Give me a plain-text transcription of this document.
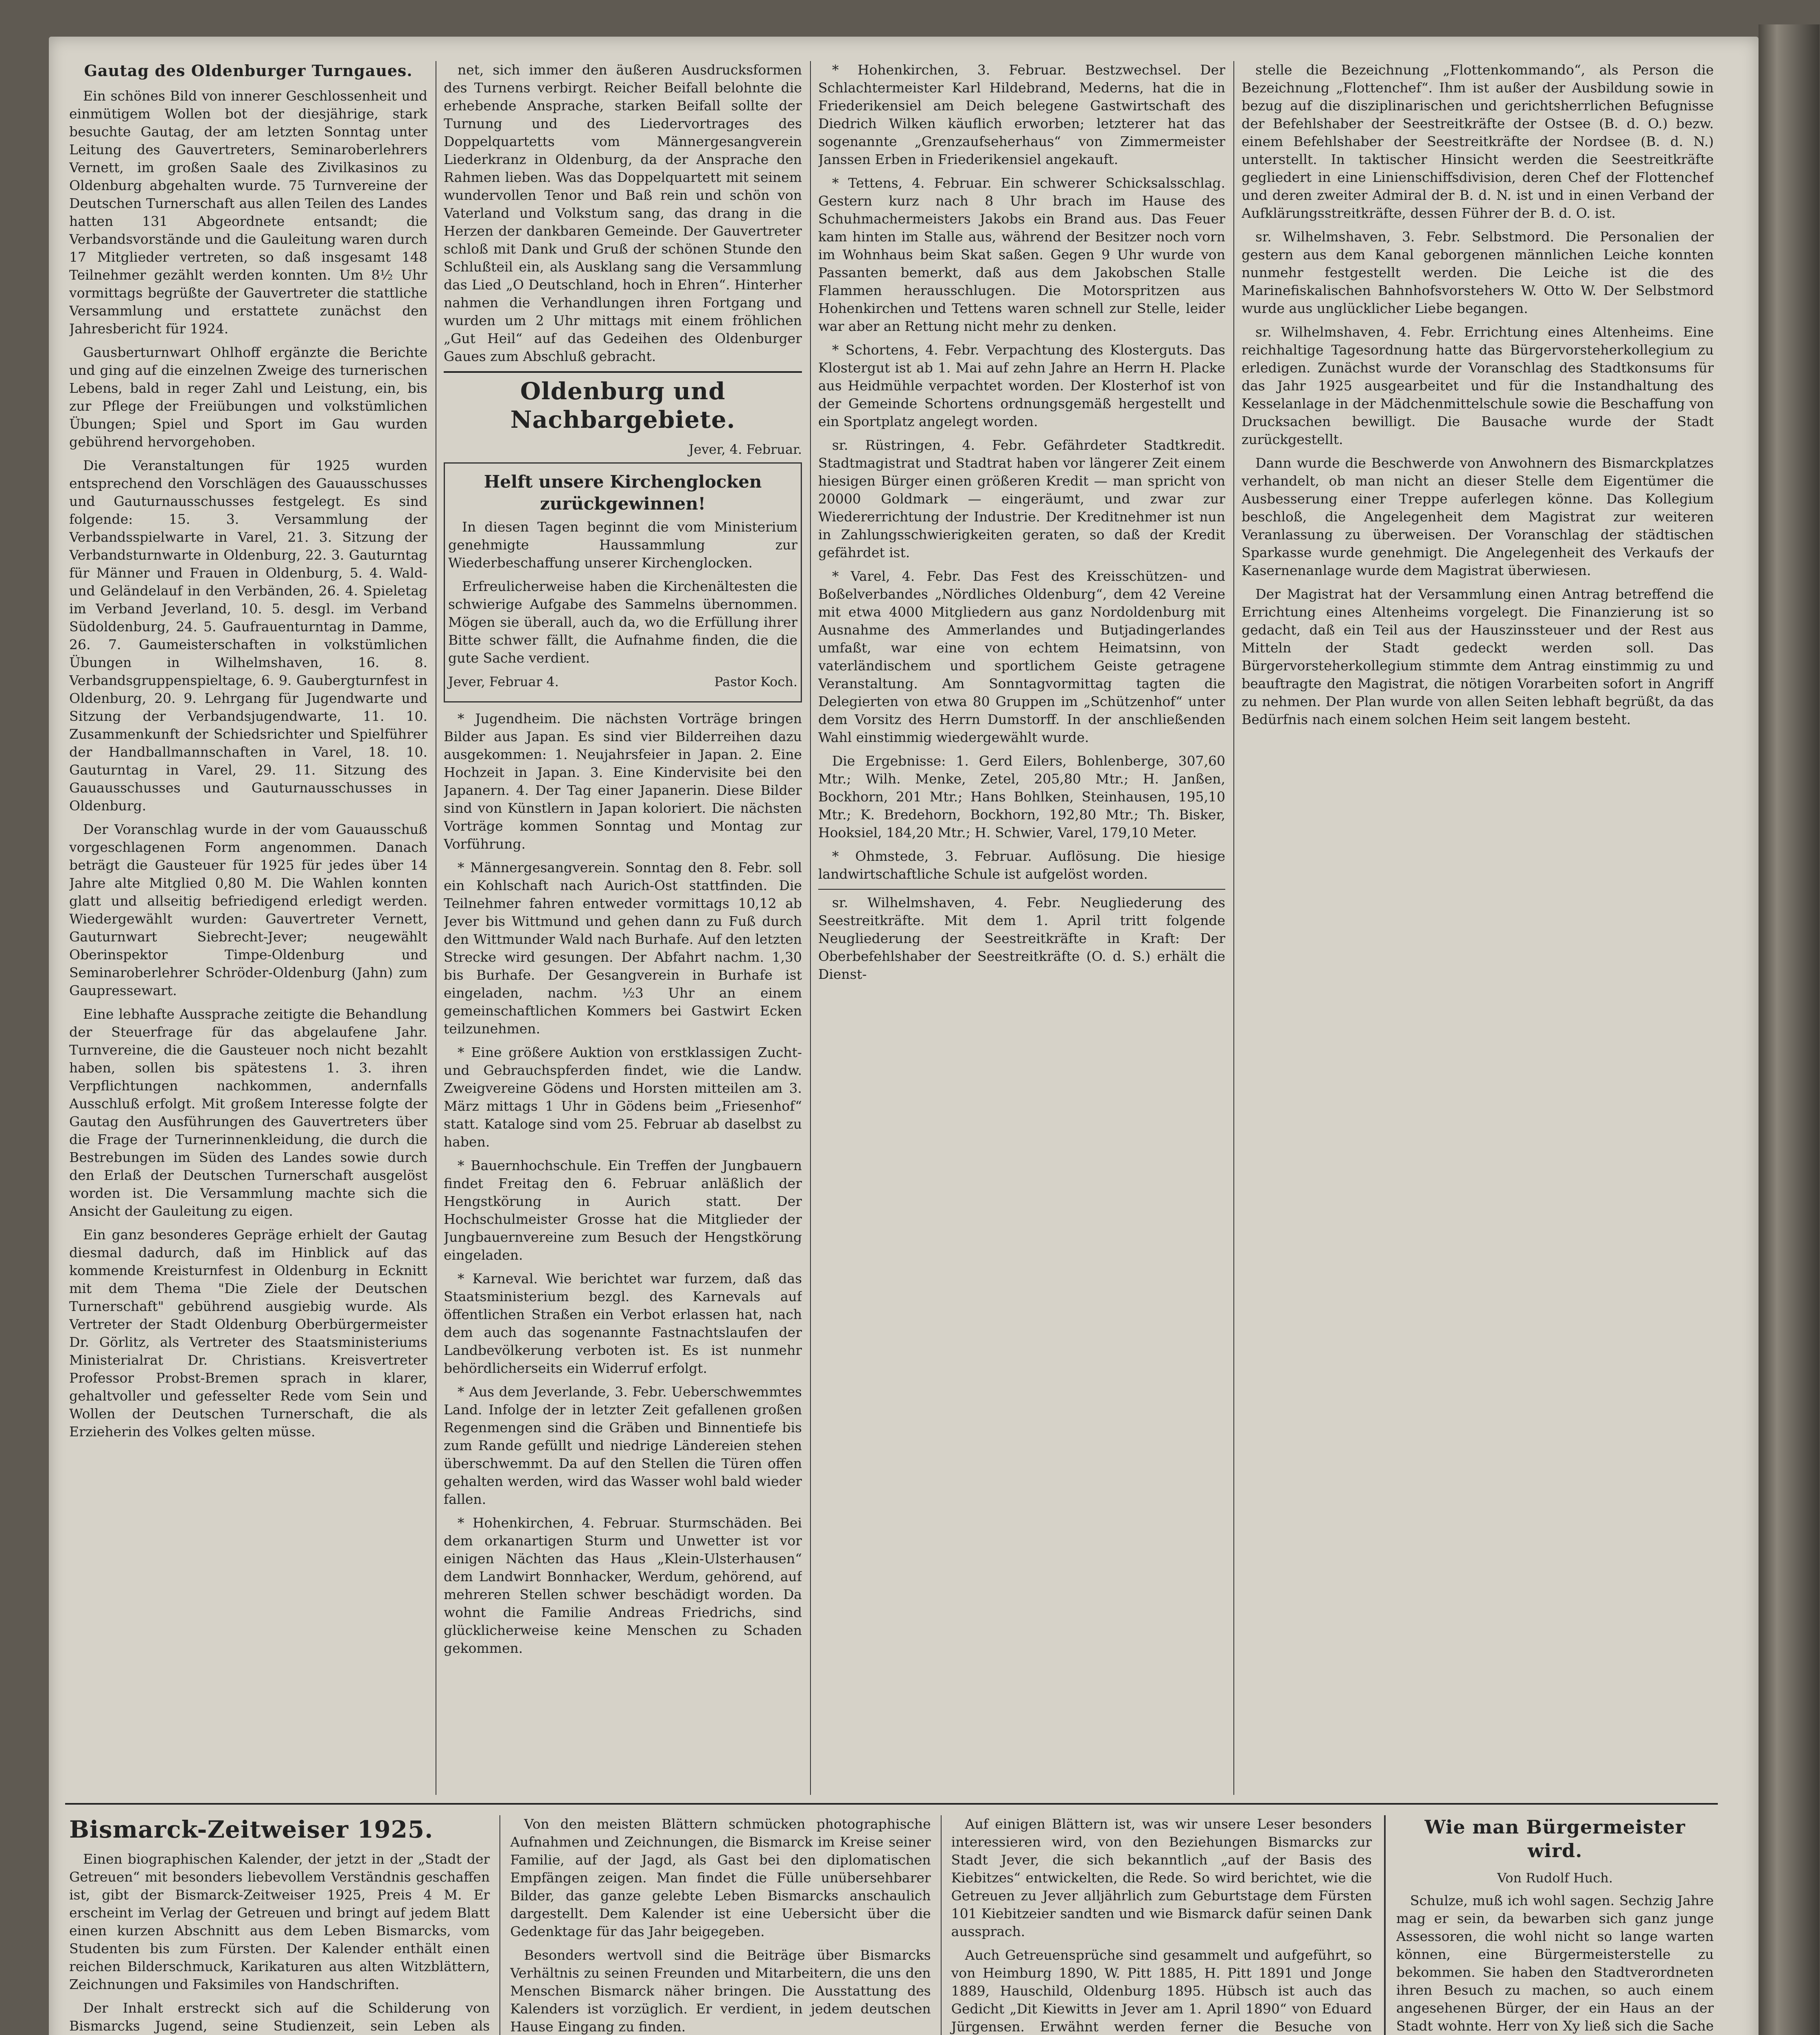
Gautag des Oldenburger Turngaues.

Ein schönes Bild von innerer Geschlossenheit und einmütigem Wollen bot der diesjährige, stark besuchte Gautag, der am letzten Sonntag unter Leitung des Gauvertreters, Seminaroberlehrers Vernett, im großen Saale des Zivilkasinos zu Oldenburg abgehalten wurde. 75 Turnvereine der Deutschen Turnerschaft aus allen Teilen des Landes hatten 131 Abgeordnete entsandt; die Verbandsvorstände und die Gauleitung waren durch 17 Mitglieder vertreten, so daß insgesamt 148 Teilnehmer gezählt werden konnten. Um 8½ Uhr vormittags begrüßte der Gauvertreter die stattliche Versammlung und erstattete zunächst den Jahresbericht für 1924.

Gausberturnwart Ohlhoff ergänzte die Berichte und ging auf die einzelnen Zweige des turnerischen Lebens, bald in reger Zahl und Leistung, ein, bis zur Pflege der Freiübungen und volkstümlichen Übungen; Spiel und Sport im Gau wurden gebührend hervorgehoben.

Die Veranstaltungen für 1925 wurden entsprechend den Vorschlägen des Gauausschusses und Gauturnausschusses festgelegt. Es sind folgende: 15. 3. Versammlung der Verbandsspielwarte in Varel, 21. 3. Sitzung der Verbandsturnwarte in Oldenburg, 22. 3. Gauturntag für Männer und Frauen in Oldenburg, 5. 4. Wald- und Geländelauf in den Verbänden, 26. 4. Spieletag im Verband Jeverland, 10. 5. desgl. im Verband Südoldenburg, 24. 5. Gaufrauenturntag in Damme, 26. 7. Gaumeisterschaften in volkstümlichen Übungen in Wilhelmshaven, 16. 8. Verbandsgruppenspieltage, 6. 9. Gaubergturnfest in Oldenburg, 20. 9. Lehrgang für Jugendwarte und Sitzung der Verbandsjugendwarte, 11. 10. Zusammenkunft der Schiedsrichter und Spielführer der Handballmannschaften in Varel, 18. 10. Gauturntag in Varel, 29. 11. Sitzung des Gauausschusses und Gauturnausschusses in Oldenburg.

Der Voranschlag wurde in der vom Gauausschuß vorgeschlagenen Form angenommen. Danach beträgt die Gausteuer für 1925 für jedes über 14 Jahre alte Mitglied 0,80 M. Die Wahlen konnten glatt und allseitig befriedigend erledigt werden. Wiedergewählt wurden: Gauvertreter Vernett, Gauturnwart Siebrecht-Jever; neugewählt Oberinspektor Timpe-Oldenburg und Seminaroberlehrer Schröder-Oldenburg (Jahn) zum Gaupressewart.

Eine lebhafte Aussprache zeitigte die Behandlung der Steuerfrage für das abgelaufene Jahr. Turnvereine, die die Gausteuer noch nicht bezahlt haben, sollen bis spätestens 1. 3. ihren Verpflichtungen nachkommen, andernfalls Ausschluß erfolgt. Mit großem Interesse folgte der Gautag den Ausführungen des Gauvertreters über die Frage der Turnerinnenkleidung, die durch die Bestrebungen im Süden des Landes sowie durch den Erlaß der Deutschen Turnerschaft ausgelöst worden ist. Die Versammlung machte sich die Ansicht der Gauleitung zu eigen.

Ein ganz besonderes Gepräge erhielt der Gautag diesmal dadurch, daß im Hinblick auf das kommende Kreisturnfest in Oldenburg in Ecknitt mit dem Thema "Die Ziele der Deutschen Turnerschaft" gebührend ausgiebig wurde. Als Vertreter der Stadt Oldenburg Oberbürgermeister Dr. Görlitz, als Vertreter des Staatsministeriums Ministerialrat Dr. Christians. Kreisvertreter Professor Probst-Bremen sprach in klarer, gehaltvoller und gefesselter Rede vom Sein und Wollen der Deutschen Turnerschaft, die als Erzieherin des Volkes gelten müsse.

net, sich immer den äußeren Ausdrucksformen des Turnens verbirgt. Reicher Beifall belohnte die erhebende Ansprache, starken Beifall sollte der Turnung und des Liedervortrages des Doppelquartetts vom Männergesangverein Liederkranz in Oldenburg, da der Ansprache den Rahmen lieben. Was das Doppelquartett mit seinem wundervollen Tenor und Baß rein und schön von Vaterland und Volkstum sang, das drang in die Herzen der dankbaren Gemeinde. Der Gauvertreter schloß mit Dank und Gruß der schönen Stunde den Schlußteil ein, als Ausklang sang die Versammlung das Lied „O Deutschland, hoch in Ehren“. Hinterher nahmen die Verhandlungen ihren Fortgang und wurden um 2 Uhr mittags mit einem fröhlichen „Gut Heil“ auf das Gedeihen des Oldenburger Gaues zum Abschluß gebracht.

Oldenburg und Nachbargebiete.
Jever, 4. Februar.
Helft unsere Kirchenglocken zurückgewinnen!

In diesen Tagen beginnt die vom Ministerium genehmigte Haussammlung zur Wiederbeschaffung unserer Kirchenglocken.

Erfreulicherweise haben die Kirchenältesten die schwierige Aufgabe des Sammelns übernommen. Mögen sie überall, auch da, wo die Erfüllung ihrer Bitte schwer fällt, die Aufnahme finden, die die gute Sache verdient.

Jever, Februar 4.	Pastor Koch.

* Jugendheim. Die nächsten Vorträge bringen Bilder aus Japan. Es sind vier Bilderreihen dazu ausgekommen: 1. Neujahrsfeier in Japan. 2. Eine Hochzeit in Japan. 3. Eine Kindervisite bei den Japanern. 4. Der Tag einer Japanerin. Diese Bilder sind von Künstlern in Japan koloriert. Die nächsten Vorträge kommen Sonntag und Montag zur Vorführung.

* Männergesangverein. Sonntag den 8. Febr. soll ein Kohlschaft nach Aurich-Ost stattfinden. Die Teilnehmer fahren entweder vormittags 10,12 ab Jever bis Wittmund und gehen dann zu Fuß durch den Wittmunder Wald nach Burhafe. Auf den letzten Strecke wird gesungen. Der Abfahrt nachm. 1,30 bis Burhafe. Der Gesangverein in Burhafe ist eingeladen, nachm. ½3 Uhr an einem gemeinschaftlichen Kommers bei Gastwirt Ecken teilzunehmen.

* Eine größere Auktion von erstklassigen Zucht- und Gebrauchspferden findet, wie die Landw. Zweigvereine Gödens und Horsten mitteilen am 3. März mittags 1 Uhr in Gödens beim „Friesenhof“ statt. Kataloge sind vom 25. Februar ab daselbst zu haben.

* Bauernhochschule. Ein Treffen der Jungbauern findet Freitag den 6. Februar anläßlich der Hengstkörung in Aurich statt. Der Hochschulmeister Grosse hat die Mitglieder der Jungbauernvereine zum Besuch der Hengstkörung eingeladen.

* Karneval. Wie berichtet war furzem, daß das Staatsministerium bezgl. des Karnevals auf öffentlichen Straßen ein Verbot erlassen hat, nach dem auch das sogenannte Fastnachtslaufen der Landbevölkerung verboten ist. Es ist nunmehr behördlicherseits ein Widerruf erfolgt.

* Aus dem Jeverlande, 3. Febr. Ueberschwemmtes Land. Infolge der in letzter Zeit gefallenen großen Regenmengen sind die Gräben und Binnentiefe bis zum Rande gefüllt und niedrige Ländereien stehen überschwemmt. Da auf den Stellen die Türen offen gehalten werden, wird das Wasser wohl bald wieder fallen.

* Hohenkirchen, 4. Februar. Sturmschäden. Bei dem orkanartigen Sturm und Unwetter ist vor einigen Nächten das Haus „Klein-Ulsterhausen“ dem Landwirt Bonnhacker, Werdum, gehörend, auf mehreren Stellen schwer beschädigt worden. Da wohnt die Familie Andreas Friedrichs, sind glücklicherweise keine Menschen zu Schaden gekommen.

* Hohenkirchen, 3. Februar. Bestzwechsel. Der Schlachtermeister Karl Hildebrand, Mederns, hat die in Friederikensiel am Deich belegene Gastwirtschaft des Diedrich Wilken käuflich erworben; letzterer hat das sogenannte „Grenzaufseherhaus“ von Zimmermeister Janssen Erben in Friederikensiel angekauft.

* Tettens, 4. Februar. Ein schwerer Schicksalsschlag. Gestern kurz nach 8 Uhr brach im Hause des Schuhmachermeisters Jakobs ein Brand aus. Das Feuer kam hinten im Stalle aus, während der Besitzer noch vorn im Wohnhaus beim Skat saßen. Gegen 9 Uhr wurde von Passanten bemerkt, daß aus dem Jakobschen Stalle Flammen herausschlugen. Die Motorspritzen aus Hohenkirchen und Tettens waren schnell zur Stelle, leider war aber an Rettung nicht mehr zu denken.

* Schortens, 4. Febr. Verpachtung des Klosterguts. Das Klostergut ist ab 1. Mai auf zehn Jahre an Herrn H. Placke aus Heidmühle verpachtet worden. Der Klosterhof ist von der Gemeinde Schortens ordnungsgemäß hergestellt und ein Sportplatz angelegt worden.

sr. Rüstringen, 4. Febr. Gefährdeter Stadtkredit. Stadtmagistrat und Stadtrat haben vor längerer Zeit einem hiesigen Bürger einen größeren Kredit — man spricht von 20000 Goldmark — eingeräumt, und zwar zur Wiedererrichtung der Industrie. Der Kreditnehmer ist nun in Zahlungsschwierigkeiten geraten, so daß der Kredit gefährdet ist.

* Varel, 4. Febr. Das Fest des Kreisschützen- und Boßelverbandes „Nördliches Oldenburg“, dem 42 Vereine mit etwa 4000 Mitgliedern aus ganz Nordoldenburg mit Ausnahme des Ammerlandes und Butjadingerlandes umfaßt, war eine von echtem Heimatsinn, von vaterländischem und sportlichem Geiste getragene Veranstaltung. Am Sonntagvormittag tagten die Delegierten von etwa 80 Gruppen im „Schützenhof“ unter dem Vorsitz des Herrn Dumstorff. In der anschließenden Wahl einstimmig wiedergewählt wurde.

Die Ergebnisse: 1. Gerd Eilers, Bohlenberge, 307,60 Mtr.; Wilh. Menke, Zetel, 205,80 Mtr.; H. Janßen, Bockhorn, 201 Mtr.; Hans Bohlken, Steinhausen, 195,10 Mtr.; K. Bredehorn, Bockhorn, 192,80 Mtr.; Th. Bisker, Hooksiel, 184,20 Mtr.; H. Schwier, Varel, 179,10 Meter.

* Ohmstede, 3. Februar. Auflösung. Die hiesige landwirtschaftliche Schule ist aufgelöst worden.

sr. Wilhelmshaven, 4. Febr. Neugliederung des Seestreitkräfte. Mit dem 1. April tritt folgende Neugliederung der Seestreitkräfte in Kraft: Der Oberbefehlshaber der Seestreitkräfte (O. d. S.) erhält die Dienst-

stelle die Bezeichnung „Flottenkommando“, als Person die Bezeichnung „Flottenchef“. Ihm ist außer der Ausbildung sowie in bezug auf die disziplinarischen und gerichtsherrlichen Befugnisse der Befehlshaber der Seestreitkräfte der Ostsee (B. d. O.) bezw. einem Befehlshaber der Seestreitkräfte der Nordsee (B. d. N.) unterstellt. In taktischer Hinsicht werden die Seestreitkräfte gegliedert in eine Linienschiffsdivision, deren Chef der Flottenchef und deren zweiter Admiral der B. d. N. ist und in einen Verband der Aufklärungsstreitkräfte, dessen Führer der B. d. O. ist.

sr. Wilhelmshaven, 3. Febr. Selbstmord. Die Personalien der gestern aus dem Kanal geborgenen männlichen Leiche konnten nunmehr festgestellt werden. Die Leiche ist die des Marinefiskalischen Bahnhofsvorstehers W. Otto W. Der Selbstmord wurde aus unglücklicher Liebe begangen.

sr. Wilhelmshaven, 4. Febr. Errichtung eines Altenheims. Eine reichhaltige Tagesordnung hatte das Bürgervorsteherkollegium zu erledigen. Zunächst wurde der Voranschlag des Stadtkonsums für das Jahr 1925 ausgearbeitet und für die Instandhaltung des Kesselanlage in der Mädchenmittelschule sowie die Beschaffung von Drucksachen bewilligt. Die Bausache wurde der Stadt zurückgestellt.

Dann wurde die Beschwerde von Anwohnern des Bismarckplatzes verhandelt, ob man nicht an dieser Stelle dem Eigentümer die Ausbesserung einer Treppe auferlegen könne. Das Kollegium beschloß, die Angelegenheit dem Magistrat zur weiteren Veranlassung zu überweisen. Der Voranschlag der städtischen Sparkasse wurde genehmigt. Die Angelegenheit des Verkaufs der Kasernenanlage wurde dem Magistrat überwiesen.

Der Magistrat hat der Versammlung einen Antrag betreffend die Errichtung eines Altenheims vorgelegt. Die Finanzierung ist so gedacht, daß ein Teil aus der Hauszinssteuer und der Rest aus Mitteln der Stadt gedeckt werden soll. Das Bürgervorsteherkollegium stimmte dem Antrag einstimmig zu und beauftragte den Magistrat, die nötigen Vorarbeiten sofort in Angriff zu nehmen. Der Plan wurde von allen Seiten lebhaft begrüßt, da das Bedürfnis nach einem solchen Heim seit langem besteht.

Bismarck-Zeitweiser 1925.

Einen biographischen Kalender, der jetzt in der „Stadt der Getreuen“ mit besonders liebevollem Verständnis geschaffen ist, gibt der Bismarck-Zeitweiser 1925, Preis 4 M. Er erscheint im Verlag der Getreuen und bringt auf jedem Blatt einen kurzen Abschnitt aus dem Leben Bismarcks, vom Studenten bis zum Fürsten. Der Kalender enthält einen reichen Bilderschmuck, Karikaturen aus alten Witzblättern, Zeichnungen und Faksimiles von Handschriften.

Der Inhalt erstreckt sich auf die Schilderung von Bismarcks Jugend, seine Studienzeit, sein Leben als

Von den meisten Blättern schmücken photographische Aufnahmen und Zeichnungen, die Bismarck im Kreise seiner Familie, auf der Jagd, als Gast bei den diplomatischen Empfängen zeigen. Man findet die Fülle unübersehbarer Bilder, das ganze gelebte Leben Bismarcks anschaulich dargestellt. Dem Kalender ist eine Uebersicht über die Gedenktage für das Jahr beigegeben.

Besonders wertvoll sind die Beiträge über Bismarcks Verhältnis zu seinen Freunden und Mitarbeitern, die uns den Menschen Bismarck näher bringen. Die Ausstattung des Kalenders ist vorzüglich. Er verdient, in jedem deutschen Hause Eingang zu finden.

Auf einigen Blättern ist, was wir unsere Leser besonders interessieren wird, von den Beziehungen Bismarcks zur Stadt Jever, die sich bekanntlich „auf der Basis des Kiebitzes“ entwickelten, die Rede. So wird berichtet, wie die Getreuen zu Jever alljährlich zum Geburtstage dem Fürsten 101 Kiebitzeier sandten und wie Bismarck dafür seinen Dank aussprach.

Auch Getreuensprüche sind gesammelt und aufgeführt, so von Heimburg 1890, W. Pitt 1885, H. Pitt 1891 und Jonge 1889, Hauschild, Oldenburg 1895. Hübsch ist auch das Gedicht „Dit Kiewitts in Jever am 1. April 1890“ von Eduard Jürgensen. Erwähnt werden ferner die Besuche von

Wie man Bürgermeister wird.
Von Rudolf Huch.

Schulze, muß ich wohl sagen. Sechzig Jahre mag er sein, da bewarben sich ganz junge Assessoren, die wohl nicht so lange warten können, eine Bürgermeisterstelle zu bekommen. Sie haben den Stadtverordneten ihren Besuch zu machen, so auch einem angesehenen Bürger, der ein Haus an der Stadt wohnte. Herr von Xy ließ sich die Sache
